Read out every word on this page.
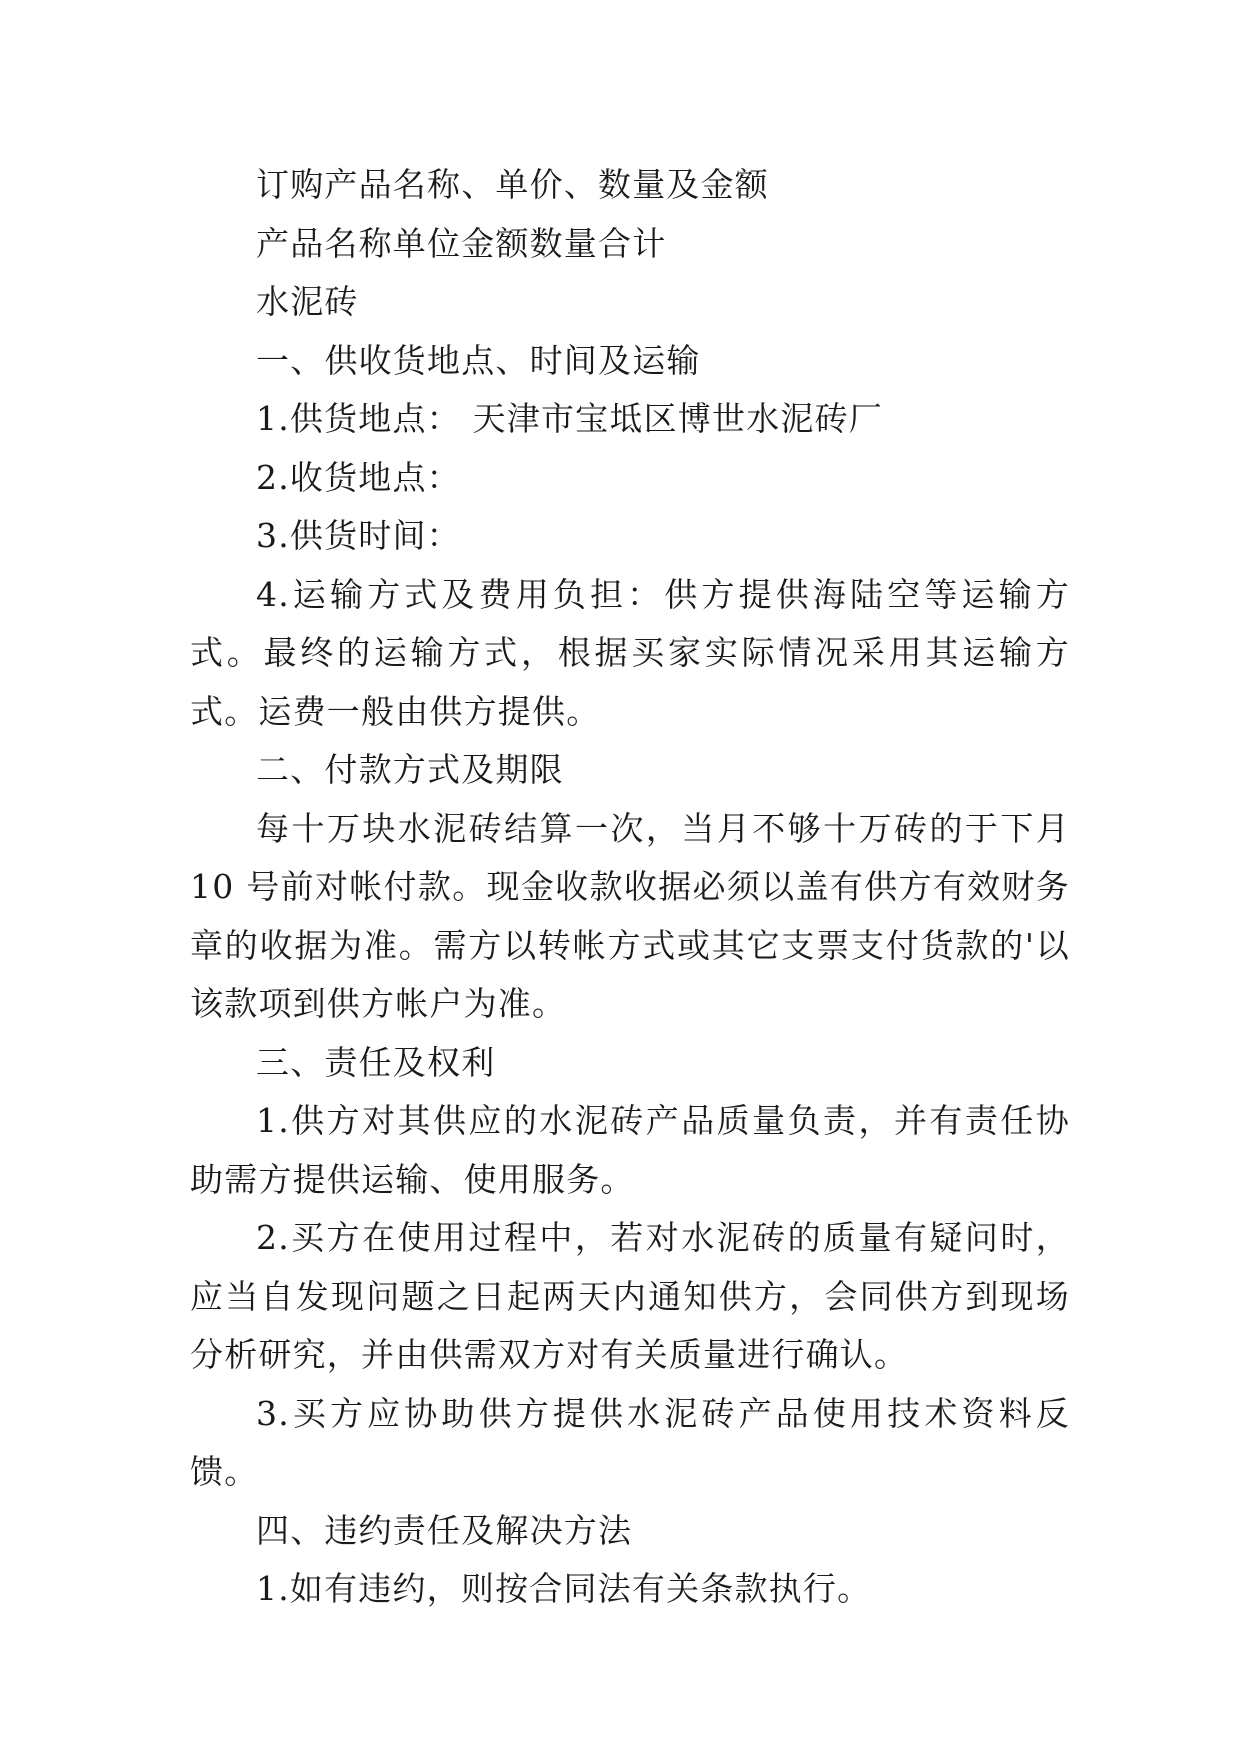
订购产品名称、单价、数量及金额

产品名称单位金额数量合计

水泥砖

一、供收货地点、时间及运输

1.供货地点： 天津市宝坻区博世水泥砖厂

2.收货地点：

3.供货时间：

4.运输方式及费用负担：供方提供海陆空等运输方式。最终的运输方式，根据买家实际情况采用其运输方式。运费一般由供方提供。

二、付款方式及期限

每十万块水泥砖结算一次，当月不够十万砖的于下月 10 号前对帐付款。现金收款收据必须以盖有供方有效财务章的收据为准。需方以转帐方式或其它支票支付货款的'以该款项到供方帐户为准。

三、责任及权利

1.供方对其供应的水泥砖产品质量负责，并有责任协助需方提供运输、使用服务。

2.买方在使用过程中，若对水泥砖的质量有疑问时，应当自发现问题之日起两天内通知供方，会同供方到现场分析研究，并由供需双方对有关质量进行确认。

3.买方应协助供方提供水泥砖产品使用技术资料反馈。

四、违约责任及解决方法

1.如有违约，则按合同法有关条款执行。
